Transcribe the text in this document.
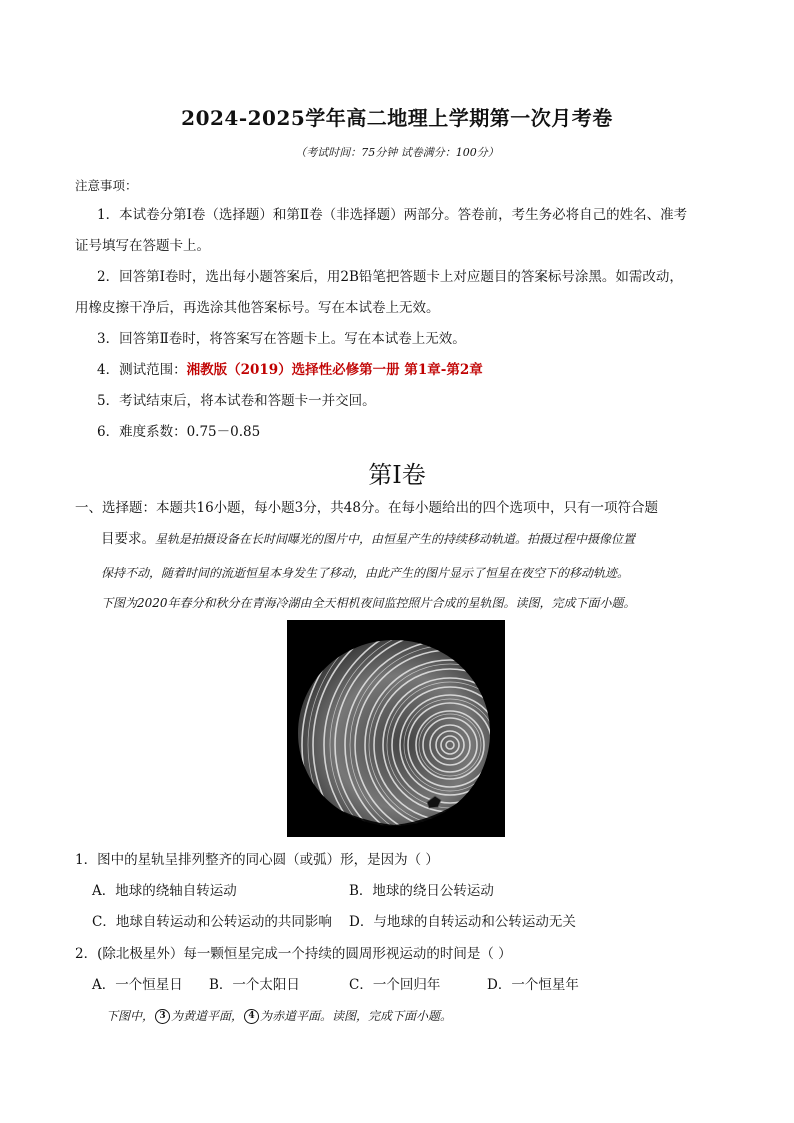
2024-2025学年高二地理上学期第一次月考卷
（考试时间：75分钟 试卷满分：100分）
注意事项：
1．本试卷分第Ⅰ卷（选择题）和第Ⅱ卷（非选择题）两部分。答卷前，考生务必将自己的姓名、准考
证号填写在答题卡上。
2．回答第Ⅰ卷时，选出每小题答案后，用2B铅笔把答题卡上对应题目的答案标号涂黑。如需改动，
用橡皮擦干净后，再选涂其他答案标号。写在本试卷上无效。
3．回答第Ⅱ卷时，将答案写在答题卡上。写在本试卷上无效。
4．测试范围：湘教版（2019）选择性必修第一册 第1章-第2章
5．考试结束后，将本试卷和答题卡一并交回。
6．难度系数：0.75－0.85
第Ⅰ卷
一、选择题：本题共16小题，每小题3分，共48分。在每小题给出的四个选项中，只有一项符合题
目要求。星轨是拍摄设备在长时间曝光的图片中，由恒星产生的持续移动轨道。拍摄过程中摄像位置
保持不动，随着时间的流逝恒星本身发生了移动，由此产生的图片显示了恒星在夜空下的移动轨迹。
下图为2020年春分和秋分在青海冷湖由全天相机夜间监控照片合成的星轨图。读图，完成下面小题。
1．图中的星轨呈排列整齐的同心圆（或弧）形，是因为（ ）
A．地球的绕轴自转运动	B．地球的绕日公转运动
C．地球自转运动和公转运动的共同影响 D．与地球的自转运动和公转运动无关
2．(除北极星外）每一颗恒星完成一个持续的圆周形视运动的时间是（ ）
A．一个恒星日 B．一个太阳日	C．一个回归年	D．一个恒星年
下图中， 3 为黄道平面， 4 为赤道平面。读图，完成下面小题。
